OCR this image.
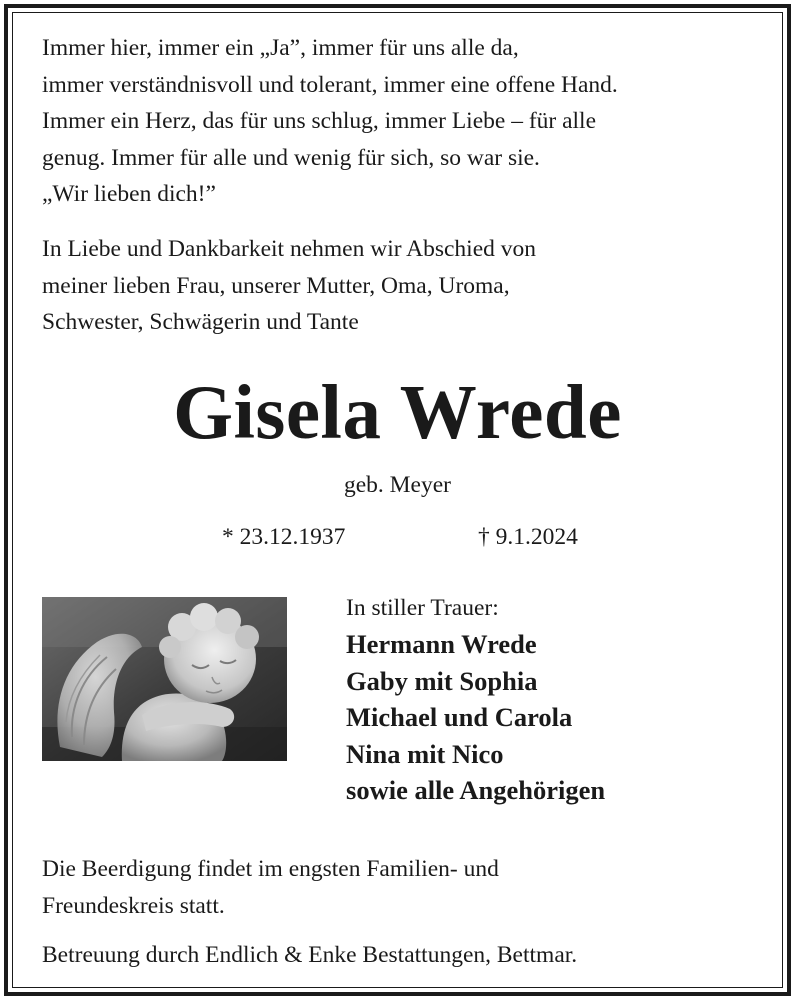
Immer hier, immer ein „Ja”, immer für uns alle da,
immer verständnisvoll und tolerant, immer eine offene Hand.
Immer ein Herz, das für uns schlug, immer Liebe – für alle
genug. Immer für alle und wenig für sich, so war sie.
„Wir lieben dich!”
In Liebe und Dankbarkeit nehmen wir Abschied von
meiner lieben Frau, unserer Mutter, Oma, Uroma,
Schwester, Schwägerin und Tante
Gisela Wrede
geb. Meyer
* 23.12.1937	† 9.1.2024
In stiller Trauer:
Hermann Wrede
Gaby mit Sophia
Michael und Carola
Nina mit Nico
sowie alle Angehörigen
Die Beerdigung findet im engsten Familien- und
Freundeskreis statt.
Betreuung durch Endlich & Enke Bestattungen, Bettmar.
